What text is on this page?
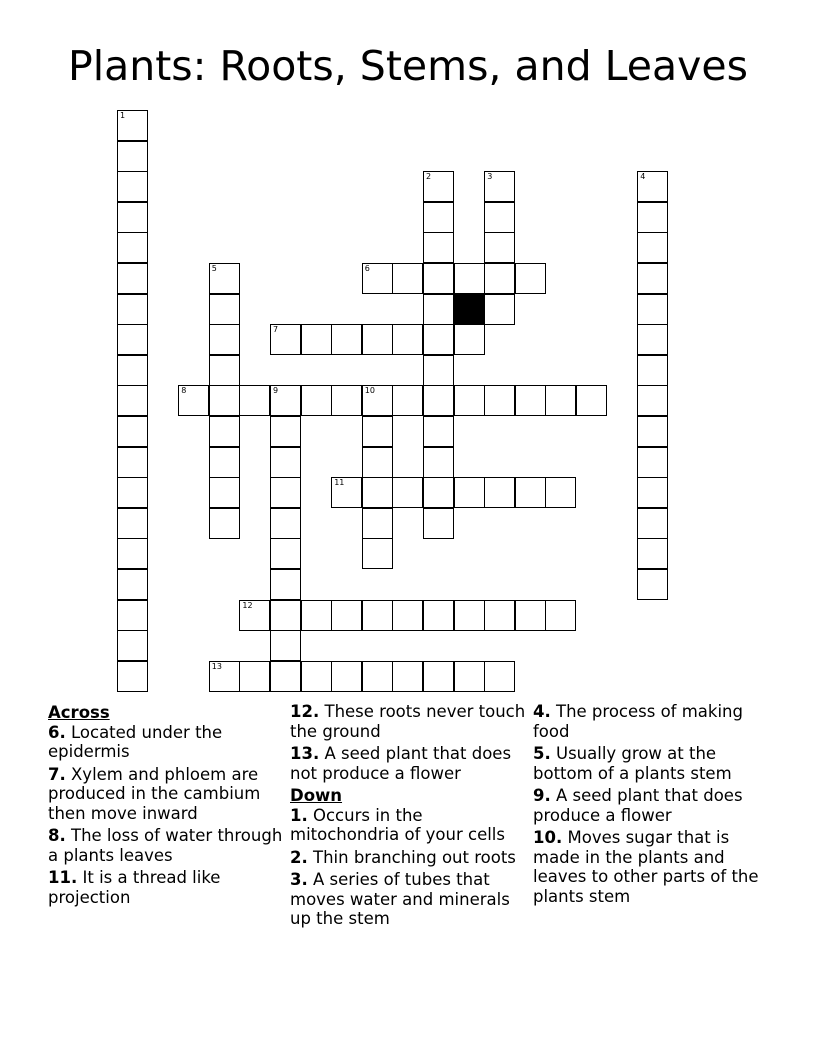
Plants: Roots, Stems, and Leaves
1
2	3	4
5	6
7
8	9	10
11
12
13
Across
6. Located under the epidermis
7. Xylem and phloem are produced in the cambium then move inward
8. The loss of water through a plants leaves
11. It is a thread like projection
12. These roots never touch the ground
13. A seed plant that does not produce a flower
Down
1. Occurs in the mitochondria of your cells
2. Thin branching out roots
3. A series of tubes that moves water and minerals up the stem
4. The process of making food
5. Usually grow at the bottom of a plants stem
9. A seed plant that does produce a flower
10. Moves sugar that is made in the plants and leaves to other parts of the plants stem
